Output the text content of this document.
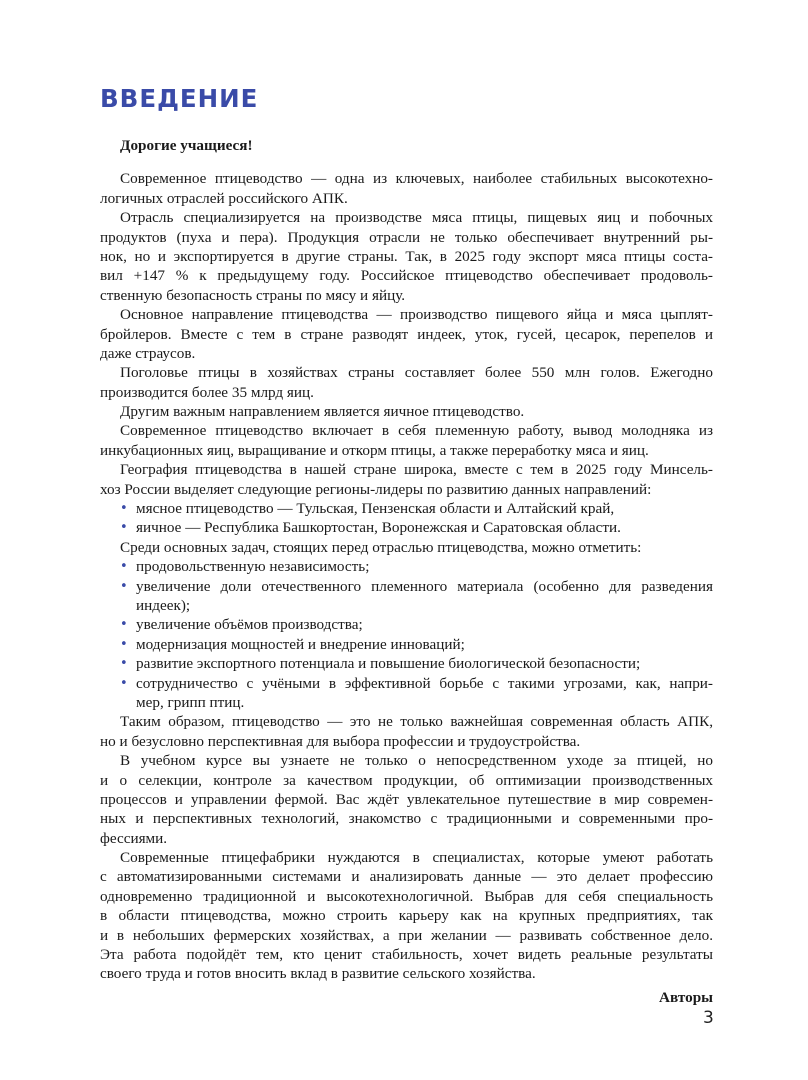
ВВЕДЕНИЕ
Дорогие учащиеся!
Современное птицеводство — одна из ключевых, наиболее стабильных высокотехно-
логичных отраслей российского АПК.
Отрасль специализируется на производстве мяса птицы, пищевых яиц и побочных
продуктов (пуха и пера). Продукция отрасли не только обеспечивает внутренний ры-
нок, но и экспортируется в другие страны. Так, в 2025 году экспорт мяса птицы соста-
вил +147 % к предыдущему году. Российское птицеводство обеспечивает продоволь-
ственную безопасность страны по мясу и яйцу.
Основное направление птицеводства — производство пищевого яйца и мяса цыплят-
бройлеров. Вместе с тем в стране разводят индеек, уток, гусей, цесарок, перепелов и
даже страусов.
Поголовье птицы в хозяйствах страны составляет более 550 млн голов. Ежегодно
производится более 35 млрд яиц.
Другим важным направлением является яичное птицеводство.
Современное птицеводство включает в себя племенную работу, вывод молодняка из
инкубационных яиц, выращивание и откорм птицы, а также переработку мяса и яиц.
География птицеводства в нашей стране широка, вместе с тем в 2025 году Минсель-
хоз России выделяет следующие регионы-лидеры по развитию данных направлений:
• мясное птицеводство — Тульская, Пензенская области и Алтайский край,
• яичное — Республика Башкортостан, Воронежская и Саратовская области.
Среди основных задач, стоящих перед отраслью птицеводства, можно отметить:
• продовольственную независимость;
• увеличение доли отечественного племенного материала (особенно для разведения
индеек);
• увеличение объёмов производства;
• модернизация мощностей и внедрение инноваций;
• развитие экспортного потенциала и повышение биологической безопасности;
• сотрудничество с учёными в эффективной борьбе с такими угрозами, как, напри-
мер, грипп птиц.
Таким образом, птицеводство — это не только важнейшая современная область АПК,
но и безусловно перспективная для выбора профессии и трудоустройства.
В учебном курсе вы узнаете не только о непосредственном уходе за птицей, но
и о селекции, контроле за качеством продукции, об оптимизации производственных
процессов и управлении фермой. Вас ждёт увлекательное путешествие в мир современ-
ных и перспективных технологий, знакомство с традиционными и современными про-
фессиями.
Современные птицефабрики нуждаются в специалистах, которые умеют работать
с автоматизированными системами и анализировать данные — это делает профессию
одновременно традиционной и высокотехнологичной. Выбрав для себя специальность
в области птицеводства, можно строить карьеру как на крупных предприятиях, так
и в небольших фермерских хозяйствах, а при желании — развивать собственное дело.
Эта работа подойдёт тем, кто ценит стабильность, хочет видеть реальные результаты
своего труда и готов вносить вклад в развитие сельского хозяйства.
Авторы
3
